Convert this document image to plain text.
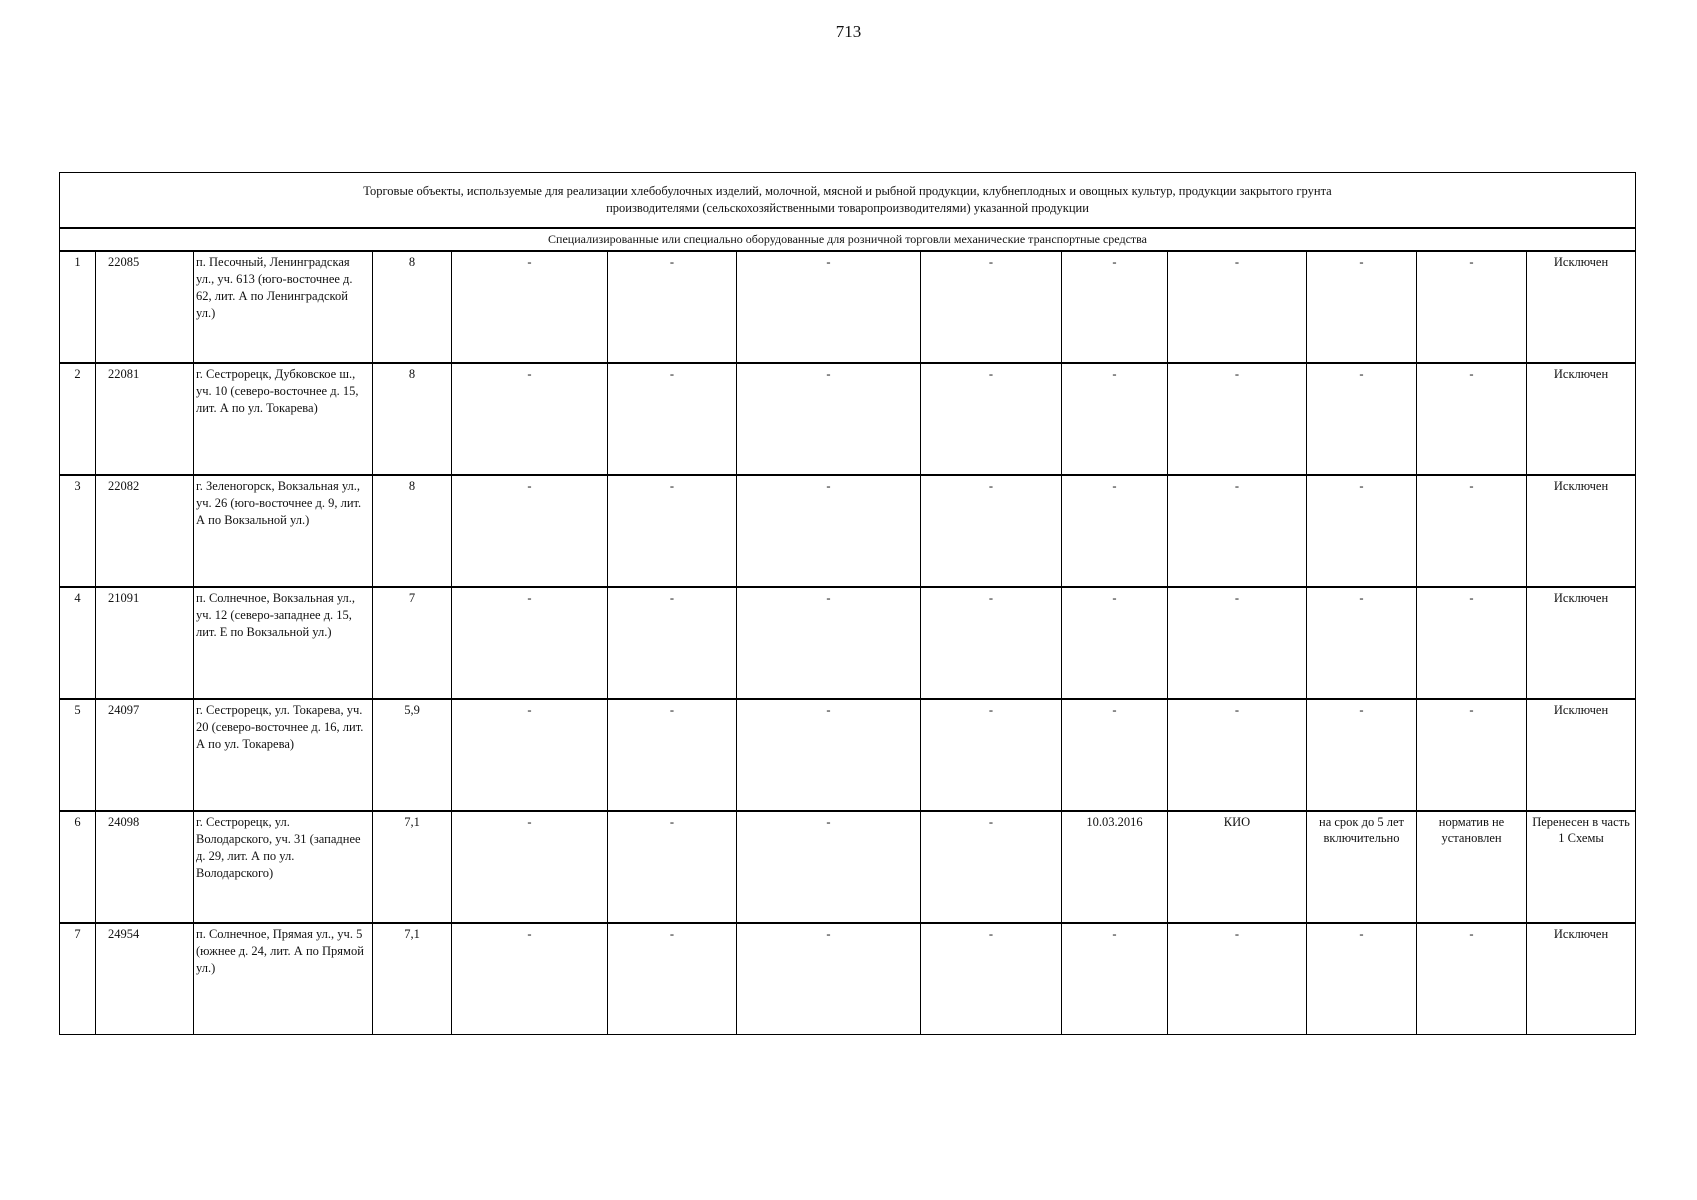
713
Торговые объекты, используемые для реализации хлебобулочных изделий, молочной, мясной и рыбной продукции, клубнеплодных и овощных культур, продукции закрытого грунта
производителями (сельскохозяйственными товаропроизводителями) указанной продукции												

Специализированные или специально оборудованные для розничной торговли механические транспортные средства												
1	22085	п. Песочный, Ленинградская ул., уч. 613 (юго-восточнее д. 62, лит. А по Ленинградской ул.)	8	-	-	-	-	-	-	-	-	Исключен
2	22081	г. Сестрорецк, Дубковское ш., уч. 10 (северо-восточнее д. 15, лит. А по ул. Токарева)	8	-	-	-	-	-	-	-	-	Исключен
3	22082	г. Зеленогорск, Вокзальная ул., уч. 26 (юго-восточнее д. 9, лит. А по Вокзальной ул.)	8	-	-	-	-	-	-	-	-	Исключен
4	21091	п. Солнечное, Вокзальная ул., уч. 12 (северо-западнее д. 15, лит. Е по Вокзальной ул.)	7	-	-	-	-	-	-	-	-	Исключен
5	24097	г. Сестрорецк, ул. Токарева, уч. 20 (северо-восточнее д. 16, лит. А по ул. Токарева)	5,9	-	-	-	-	-	-	-	-	Исключен
6	24098	г. Сестрорецк, ул. Володарского, уч. 31 (западнее д. 29, лит. А по ул. Володарского)	7,1	-	-	-	-	10.03.2016	КИО	на срок до 5 лет включительно	норматив не установлен	Перенесен в часть 1 Схемы
7	24954	п. Солнечное, Прямая ул., уч. 5 (южнее д. 24, лит. А по Прямой ул.)	7,1	-	-	-	-	-	-	-	-	Исключен
